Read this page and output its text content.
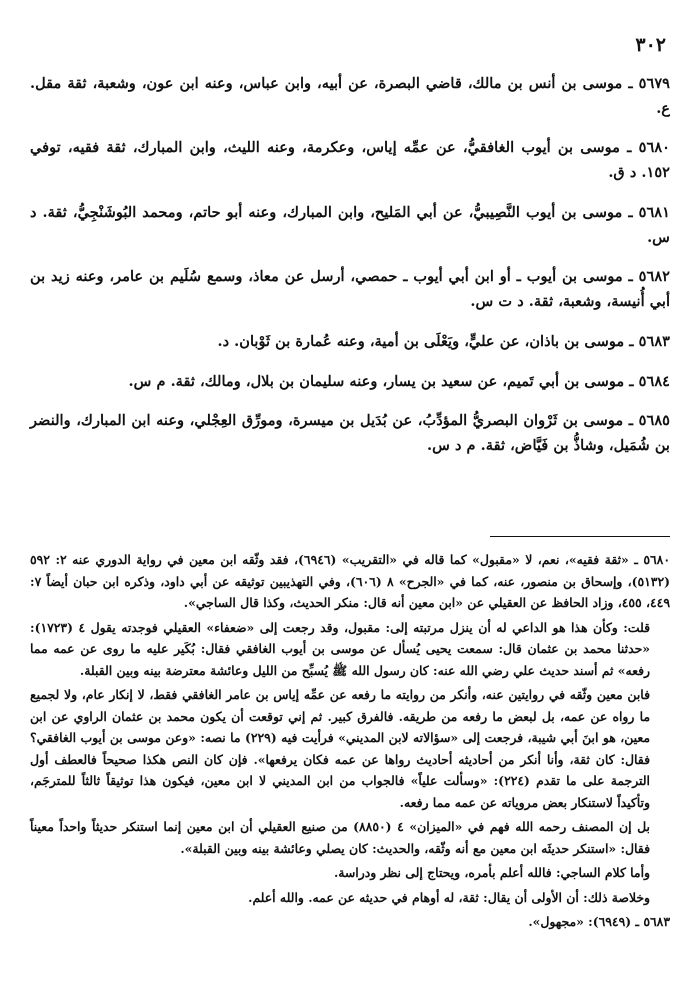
٣٠٢

٥٦٧٩ ـ موسى بن أنس بن مالك، قاضي البصرة، عن أبيه، وابن عباس، وعنه ابن عون، وشعبة، ثقة مقل. ع.

٥٦٨٠ ـ موسى بن أيوب الغافقيُّ، عن عمِّه إياس، وعكرمة، وعنه الليث، وابن المبارك، ثقة فقيه، توفي ١٥٢. د ق.

٥٦٨١ ـ موسى بن أيوب النَّصِيبيُّ، عن أبي المَليح، وابن المبارك، وعنه أبو حاتم، ومحمد البُوشَنْجِيُّ، ثقة. د س.

٥٦٨٢ ـ موسى بن أيوب ـ أو ابن أبي أيوب ـ حمصي، أرسل عن معاذ، وسمع سُلَيم بن عامر، وعنه زيد بن أبي أُنيسة، وشعبة، ثقة. د ت س.

٥٦٨٣ ـ موسى بن باذان، عن عليٍّ، ويَعْلَى بن أمية، وعنه عُمارة بن ثَوْبان. د.

٥٦٨٤ ـ موسى بن أبي تَميم، عن سعيد بن يسار، وعنه سليمان بن بلال، ومالك، ثقة. م س.

٥٦٨٥ ـ موسى بن ثَرْوان البصريُّ المؤدِّبُ، عن بُدَيل بن ميسرة، ومورِّق العِجْلي، وعنه ابن المبارك، والنضر بن شُمَيل، وشاذُّ بن فَيَّاض، ثقة. م د س.

٥٦٨٠ ـ «ثقة فقيه»، نعم، لا «مقبول» كما قاله في «التقريب» (٦٩٤٦)، فقد وثّقه ابن معين في رواية الدوري عنه ٢: ٥٩٢ (٥١٣٢)، وإسحاق بن منصور، عنه، كما في «الجرح» ٨ (٦٠٦)، وفي التهذيبين توثيقه عن أبي داود، وذكره ابن حبان أيضاً ٧: ٤٤٩، ٤٥٥، وزاد الحافظ عن العقيلي عن «ابن معين أنه قال: منكر الحديث، وكذا قال الساجي».

قلت: وكأن هذا هو الداعي له أن ينزل مرتبته إلى: مقبول، وقد رجعت إلى «ضعفاء» العقيلي فوجدته يقول ٤ (١٧٢٣): «حدثنا محمد بن عثمان قال: سمعت يحيى يُسأل عن موسى بن أيوب الغافقي فقال: بُكَير عليه ما روى عن عمه مما رفعه» ثم أسند حديث علي رضي الله عنه: كان رسول الله ﷺ يُسبِّح من الليل وعائشة معترضة بينه وبين القبلة.

فابن معين وثّقه في روايتين عنه، وأنكر من روايته ما رفعه عن عمِّه إياس بن عامر الغافقي فقط، لا إنكار عام، ولا لجميع ما رواه عن عمه، بل لبعض ما رفعه من طريقه. فالفرق كبير. ثم إني توقعت أن يكون محمد بن عثمان الراوي عن ابن معين، هو ابنَ أبي شيبة، فرجعت إلى «سؤالاته لابن المديني» فرأيت فيه (٢٢٩) ما نصه: «وعن موسى بن أيوب الغافقي؟ فقال: كان ثقة، وأنا أنكر من أحاديثه أحاديث رواها عن عمه فكان يرفعها». فإن كان النص هكذا صحيحاً فالعطف أول الترجمة على ما تقدم (٢٢٤): «وسألت علياً» فالجواب من ابن المديني لا ابن معين، فيكون هذا توثيقاً ثالثاً للمترجَم، وتأكيداً لاستنكار بعض مروياته عن عمه مما رفعه.

بل إن المصنف رحمه الله فهم في «الميزان» ٤ (٨٨٥٠) من صنيع العقيلي أن ابن معين إنما استنكر حديثاً واحداً معيناً فقال: «استنكر حديثَه ابن معين مع أنه وثّقه، والحديث: كان يصلي وعائشة بينه وبين القبلة».

وأما كلام الساجي: فالله أعلم بأمره، ويحتاج إلى نظر ودراسة.

وخلاصة ذلك: أن الأولى أن يقال: ثقة، له أوهام في حديثه عن عمه. والله أعلم.

٥٦٨٣ ـ (٦٩٤٩): «مجهول».
